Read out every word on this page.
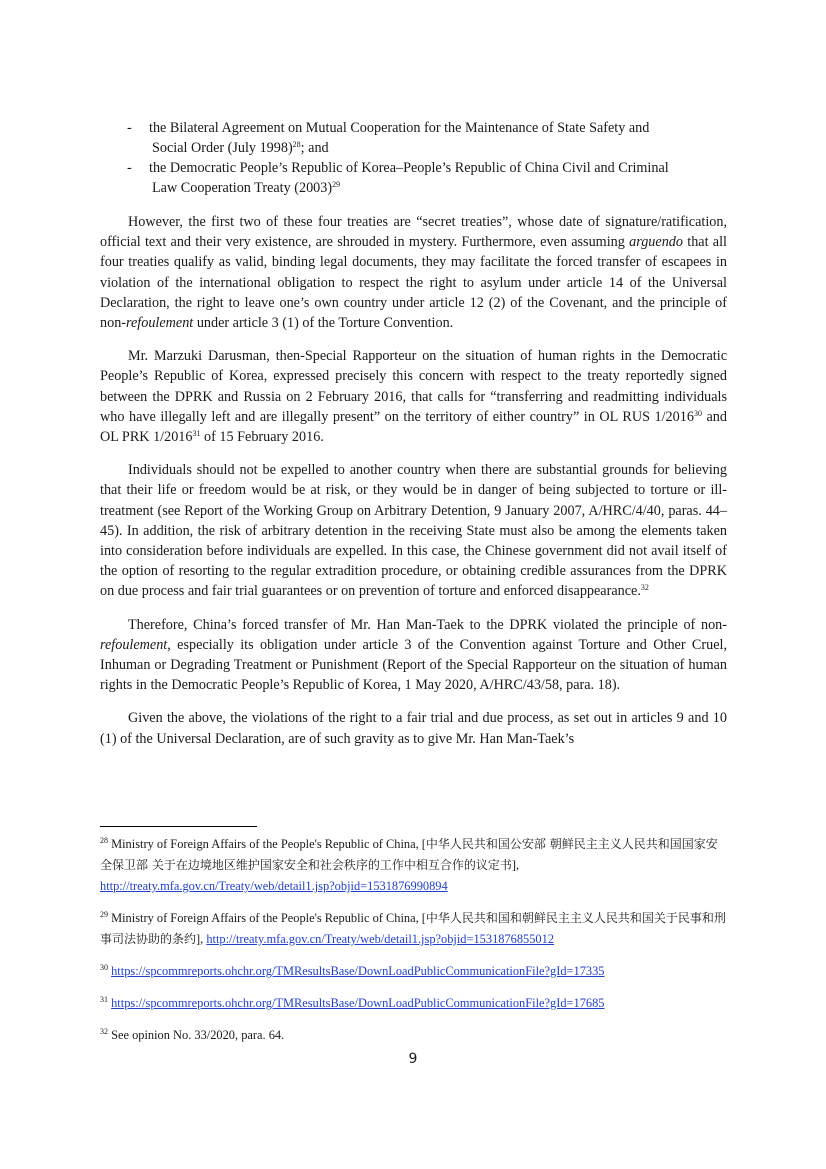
- the Bilateral Agreement on Mutual Cooperation for the Maintenance of State Safety and
Social Order (July 1998)$^{28}$; and
- the Democratic People’s Republic of Korea–People’s Republic of China Civil and Criminal
Law Cooperation Treaty $(2003)^{29}$

However, the first two of these four treaties are “secret treaties”, whose date of signature/ratification, official text and their very existence, are shrouded in mystery. Furthermore, even assuming arguendo that all four treaties qualify as valid, binding legal documents, they may facilitate the forced transfer of escapees in violation of the international obligation to respect the right to asylum under article 14 of the Universal Declaration, the right to leave one’s own country under article 12 (2) of the Covenant, and the principle of non-refoulement under article 3 (1) of the Torture Convention.

Mr. Marzuki Darusman, then-Special Rapporteur on the situation of human rights in the Democratic People’s Republic of Korea, expressed precisely this concern with respect to the treaty reportedly signed between the DPRK and Russia on 2 February 2016, that calls for “transferring and readmitting individuals who have illegally left and are illegally present” on the territory of either country” in OL RUS 1/2016$^{30}$ and OL PRK 1/2016$^{31}$ of 15 February 2016.

Individuals should not be expelled to another country when there are substantial grounds for believing that their life or freedom would be at risk, or they would be in danger of being subjected to torture or ill-treatment (see Report of the Working Group on Arbitrary Detention, 9 January 2007, A/HRC/4/40, paras. 44–45). In addition, the risk of arbitrary detention in the receiving State must also be among the elements taken into consideration before individuals are expelled. In this case, the Chinese government did not avail itself of the option of resorting to the regular extradition procedure, or obtaining credible assurances from the DPRK on due process and fair trial guarantees or on prevention of torture and enforced disappearance.$^{32}$

Therefore, China’s forced transfer of Mr. Han Man-Taek to the DPRK violated the principle of non-refoulement, especially its obligation under article 3 of the Convention against Torture and Other Cruel, Inhuman or Degrading Treatment or Punishment (Report of the Special Rapporteur on the situation of human rights in the Democratic People’s Republic of Korea, 1 May 2020, A/HRC/43/58, para. 18).

Given the above, the violations of the right to a fair trial and due process, as set out in articles 9 and 10 (1) of the Universal Declaration, are of such gravity as to give Mr. Han Man-Taek’s

$^{28}$ Ministry of Foreign Affairs of the People's Republic of China, [中华人民共和国公安部 朝鲜民主主义人民共和国国家安全保卫部 关于在边境地区维护国家安全和社会秩序的工作中相互合作的议定书],
http://treaty.mfa.gov.cn/Treaty/web/detail1.jsp?objid=1531876990894
$^{29}$ Ministry of Foreign Affairs of the People's Republic of China, [中华人民共和国和朝鲜民主主义人民共和国关于民事和刑事司法协助的条约], http://treaty.mfa.gov.cn/Treaty/web/detail1.jsp?objid=1531876855012
$^{30}$ https://spcommreports.ohchr.org/TMResultsBase/DownLoadPublicCommunicationFile?gId=17335
$^{31}$ https://spcommreports.ohchr.org/TMResultsBase/DownLoadPublicCommunicationFile?gId=17685
$^{32}$ See opinion No. 33/2020, para. 64.
9
